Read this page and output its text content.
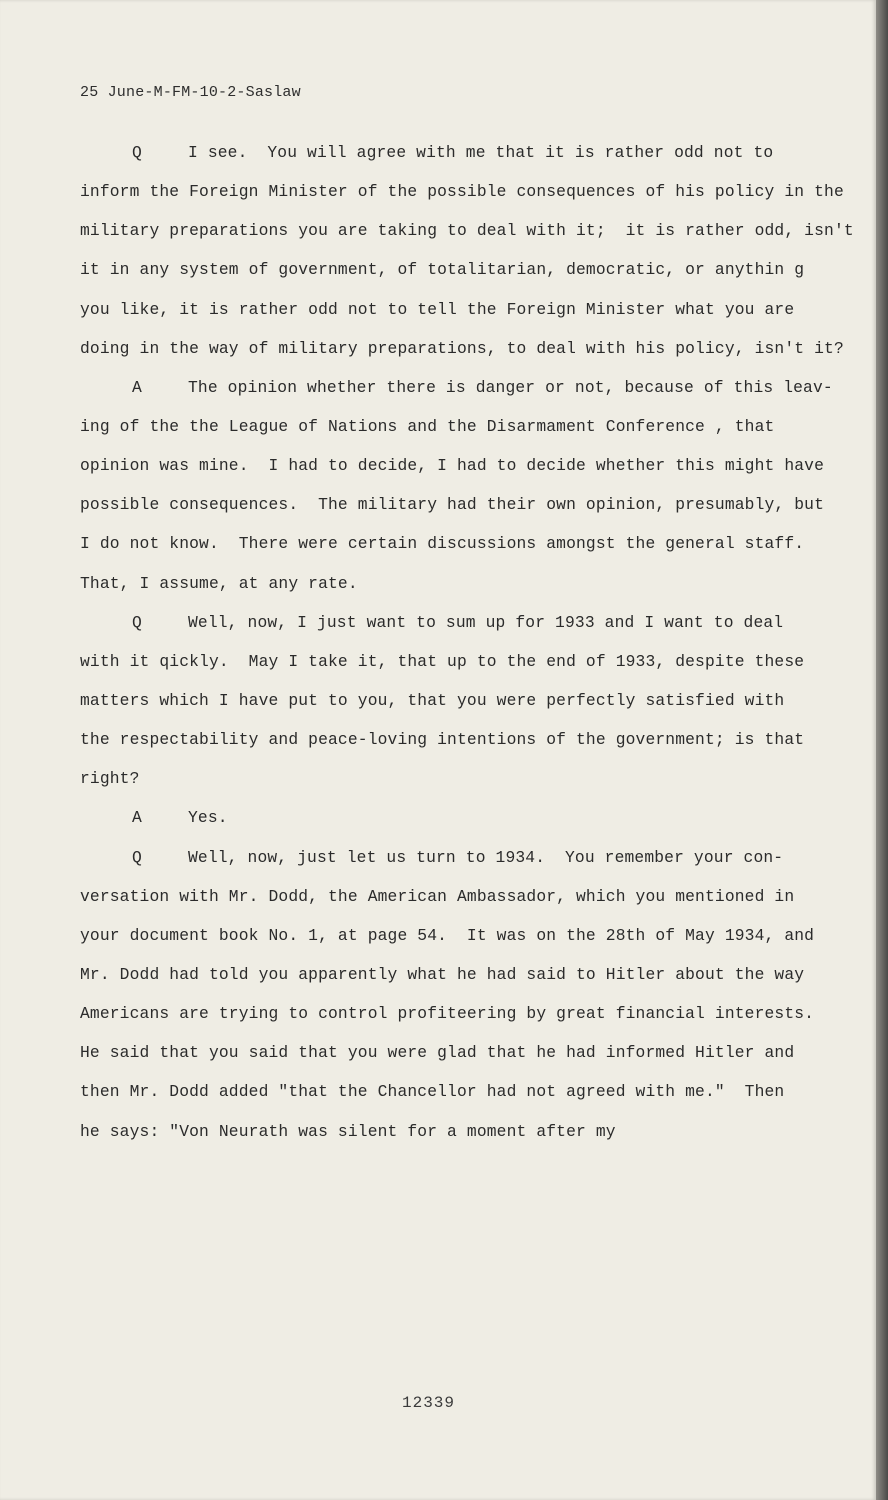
25 June-M-FM-10-2-Saslaw
Q	I see.  You will agree with me that it is rather odd not to
inform the Foreign Minister of the possible consequences of his policy in the
military preparations you are taking to deal with it;  it is rather odd, isn't
it in any system of government, of totalitarian, democratic, or anythin g
you like, it is rather odd not to tell the Foreign Minister what you are
doing in the way of military preparations, to deal with his policy, isn't it?
A	The opinion whether there is danger or not, because of this leav-
ing of the the League of Nations and the Disarmament Conference , that
opinion was mine.  I had to decide, I had to decide whether this might have
possible consequences.  The military had their own opinion, presumably, but
I do not know.  There were certain discussions amongst the general staff.
That, I assume, at any rate.
Q	Well, now, I just want to sum up for 1933 and I want to deal
with it qickly.  May I take it, that up to the end of 1933, despite these
matters which I have put to you, that you were perfectly satisfied with
the respectability and peace-loving intentions of the government; is that
right?
A	Yes.
Q	Well, now, just let us turn to 1934.  You remember your con-
versation with Mr. Dodd, the American Ambassador, which you mentioned in
your document book No. 1, at page 54.  It was on the 28th of May 1934, and
Mr. Dodd had told you apparently what he had said to Hitler about the way
Americans are trying to control profiteering by great financial interests.
He said that you said that you were glad that he had informed Hitler and
then Mr. Dodd added "that the Chancellor had not agreed with me."  Then
he says: "Von Neurath was silent for a moment after my
12339
